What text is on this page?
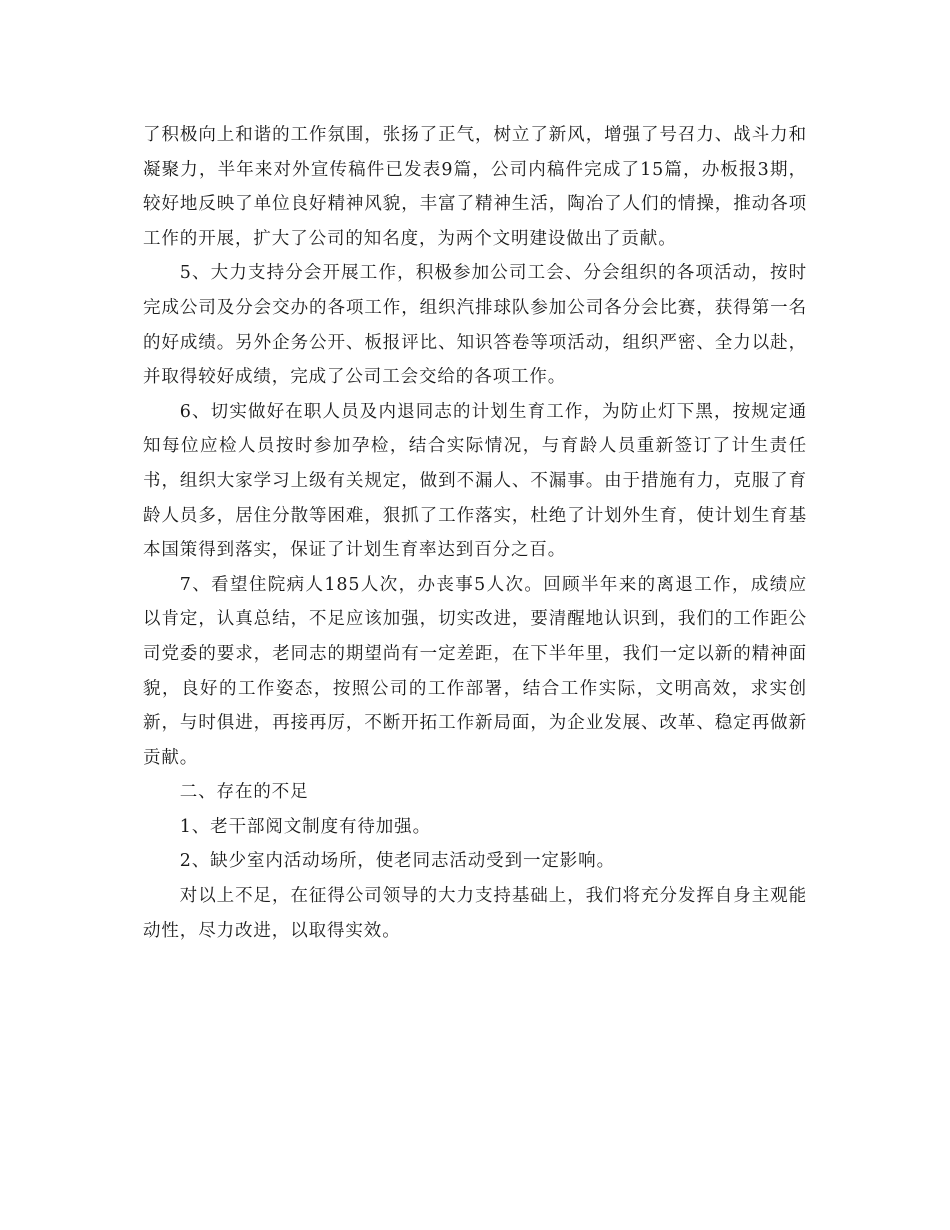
了积极向上和谐的工作氛围，张扬了正气，树立了新风，增强了号召力、战斗力和凝聚力，半年来对外宣传稿件已发表9篇，公司内稿件完成了15篇，办板报3期，较好地反映了单位良好精神风貌，丰富了精神生活，陶冶了人们的情操，推动各项工作的开展，扩大了公司的知名度，为两个文明建设做出了贡献。

5、大力支持分会开展工作，积极参加公司工会、分会组织的各项活动，按时完成公司及分会交办的各项工作，组织汽排球队参加公司各分会比赛，获得第一名的好成绩。另外企务公开、板报评比、知识答卷等项活动，组织严密、全力以赴，并取得较好成绩，完成了公司工会交给的各项工作。

6、切实做好在职人员及内退同志的计划生育工作，为防止灯下黑，按规定通知每位应检人员按时参加孕检，结合实际情况，与育龄人员重新签订了计生责任书，组织大家学习上级有关规定，做到不漏人、不漏事。由于措施有力，克服了育龄人员多，居住分散等困难，狠抓了工作落实，杜绝了计划外生育，使计划生育基本国策得到落实，保证了计划生育率达到百分之百。

7、看望住院病人185人次，办丧事5人次。回顾半年来的离退工作，成绩应以肯定，认真总结，不足应该加强，切实改进，要清醒地认识到，我们的工作距公司党委的要求，老同志的期望尚有一定差距，在下半年里，我们一定以新的精神面貌，良好的工作姿态，按照公司的工作部署，结合工作实际，文明高效，求实创新，与时俱进，再接再厉，不断开拓工作新局面，为企业发展、改革、稳定再做新贡献。

二、存在的不足

1、老干部阅文制度有待加强。

2、缺少室内活动场所，使老同志活动受到一定影响。

对以上不足，在征得公司领导的大力支持基础上，我们将充分发挥自身主观能动性，尽力改进，以取得实效。
